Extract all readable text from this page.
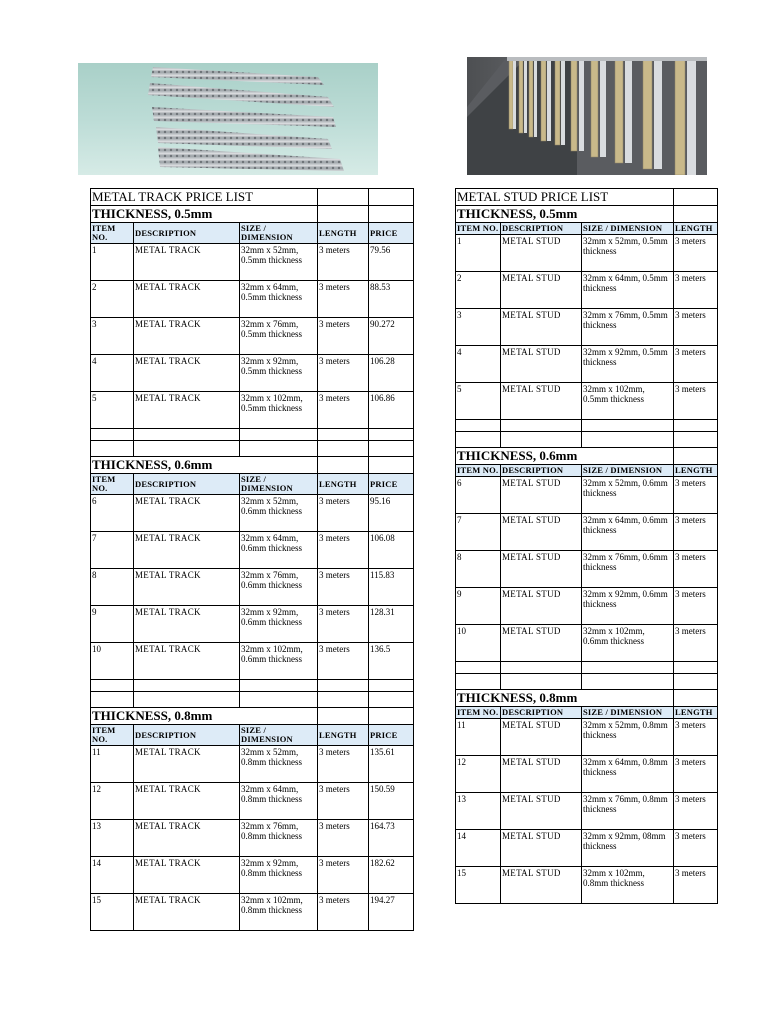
METAL TRACK PRICE LIST				
THICKNESS, 0.5mm				
ITEM NO.	DESCRIPTION	SIZE / DIMENSION	LENGTH	PRICE
1	METAL TRACK	32mm x 52mm, 0.5mm thickness	3 meters	79.56
2	METAL TRACK	32mm x 64mm, 0.5mm thickness	3 meters	88.53
3	METAL TRACK	32mm x 76mm, 0.5mm thickness	3 meters	90.272
4	METAL TRACK	32mm x 92mm, 0.5mm thickness	3 meters	106.28
5	METAL TRACK	32mm x 102mm, 0.5mm thickness	3 meters	106.86

THICKNESS, 0.6mm				
ITEM NO.	DESCRIPTION	SIZE / DIMENSION	LENGTH	PRICE
6	METAL TRACK	32mm x 52mm, 0.6mm thickness	3 meters	95.16
7	METAL TRACK	32mm x 64mm, 0.6mm thickness	3 meters	106.08
8	METAL TRACK	32mm x 76mm, 0.6mm thickness	3 meters	115.83
9	METAL TRACK	32mm x 92mm, 0.6mm thickness	3 meters	128.31
10	METAL TRACK	32mm x 102mm, 0.6mm thickness	3 meters	136.5

THICKNESS, 0.8mm				
ITEM NO.	DESCRIPTION	SIZE / DIMENSION	LENGTH	PRICE
11	METAL TRACK	32mm x 52mm, 0.8mm thickness	3 meters	135.61
12	METAL TRACK	32mm x 64mm, 0.8mm thickness	3 meters	150.59
13	METAL TRACK	32mm x 76mm, 0.8mm thickness	3 meters	164.73
14	METAL TRACK	32mm x 92mm, 0.8mm thickness	3 meters	182.62
15	METAL TRACK	32mm x 102mm, 0.8mm thickness	3 meters	194.27
METAL STUD PRICE LIST			
THICKNESS, 0.5mm			
ITEM NO.	DESCRIPTION	SIZE / DIMENSION	LENGTH
1	METAL STUD	32mm x 52mm, 0.5mm thickness	3 meters
2	METAL STUD	32mm x 64mm, 0.5mm thickness	3 meters
3	METAL STUD	32mm x 76mm, 0.5mm thickness	3 meters
4	METAL STUD	32mm x 92mm, 0.5mm thickness	3 meters
5	METAL STUD	32mm x 102mm, 0.5mm thickness	3 meters

THICKNESS, 0.6mm			
ITEM NO.	DESCRIPTION	SIZE / DIMENSION	LENGTH
6	METAL STUD	32mm x 52mm, 0.6mm thickness	3 meters
7	METAL STUD	32mm x 64mm, 0.6mm thickness	3 meters
8	METAL STUD	32mm x 76mm, 0.6mm thickness	3 meters
9	METAL STUD	32mm x 92mm, 0.6mm thickness	3 meters
10	METAL STUD	32mm x 102mm, 0.6mm thickness	3 meters

THICKNESS, 0.8mm			
ITEM NO.	DESCRIPTION	SIZE / DIMENSION	LENGTH
11	METAL STUD	32mm x 52mm, 0.8mm thickness	3 meters
12	METAL STUD	32mm x 64mm, 0.8mm thickness	3 meters
13	METAL STUD	32mm x 76mm, 0.8mm thickness	3 meters
14	METAL STUD	32mm x 92mm, 08mm thickness	3 meters
15	METAL STUD	32mm x 102mm, 0.8mm thickness	3 meters
